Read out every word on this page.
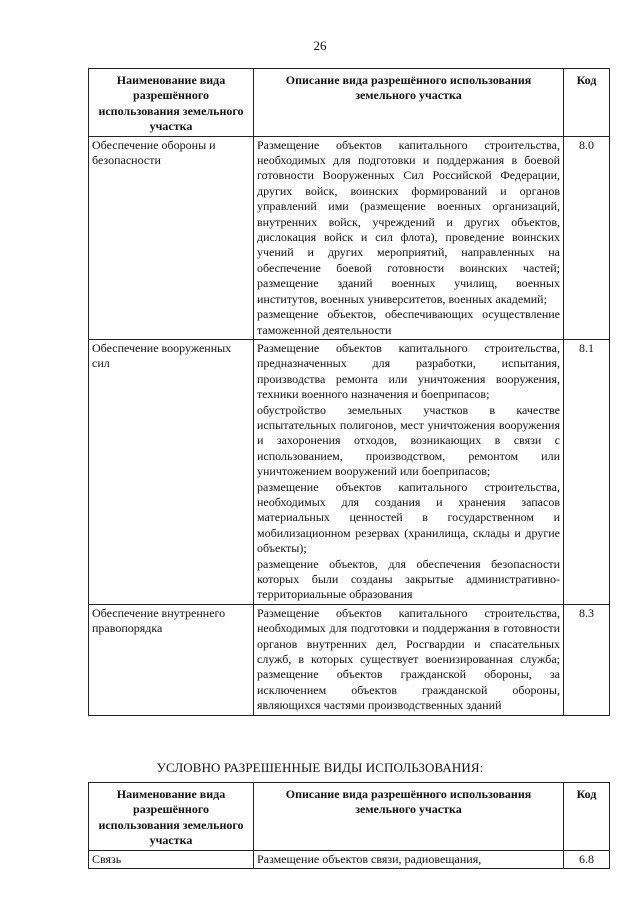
26
Наименование вида разрешённого использования земельного участка	Описание вида разрешённого использования земельного участка	Код
Обеспечение обороны и безопасности	Размещение объектов капитального строительства, необходимых для подготовки и поддержания в боевой готовности Вооруженных Сил Российской Федерации, других войск, воинских формирований и органов управлений ими (размещение военных организаций, внутренних войск, учреждений и других объектов, дислокация войск и сил флота), проведение воинских учений и других мероприятий, направленных на обеспечение боевой готовности воинских частей; размещение зданий военных училищ, военных институтов, военных университетов, военных академий;

размещение объектов, обеспечивающих осуществление таможенной деятельности	8.0
Обеспечение вооруженных сил	Размещение объектов капитального строительства, предназначенных для разработки, испытания, производства ремонта или уничтожения вооружения, техники военного назначения и боеприпасов;

обустройство земельных участков в качестве испытательных полигонов, мест уничтожения вооружения и захоронения отходов, возникающих в связи с использованием, производством, ремонтом или уничтожением вооружений или боеприпасов;

размещение объектов капитального строительства, необходимых для создания и хранения запасов материальных ценностей в государственном и мобилизационном резервах (хранилища, склады и другие объекты);

размещение объектов, для обеспечения безопасности которых были созданы закрытые административно-территориальные образования	8.1
Обеспечение внутреннего правопорядка	Размещение объектов капитального строительства, необходимых для подготовки и поддержания в готовности органов внутренних дел, Росгвардии и спасательных служб, в которых существует военизированная служба; размещение объектов гражданской обороны, за исключением объектов гражданской обороны, являющихся частями производственных зданий	8.3
УСЛОВНО РАЗРЕШЕННЫЕ ВИДЫ ИСПОЛЬЗОВАНИЯ:
Наименование вида разрешённого использования земельного участка	Описание вида разрешённого использования земельного участка	Код
Связь	Размещение объектов связи, радиовещания,	6.8
